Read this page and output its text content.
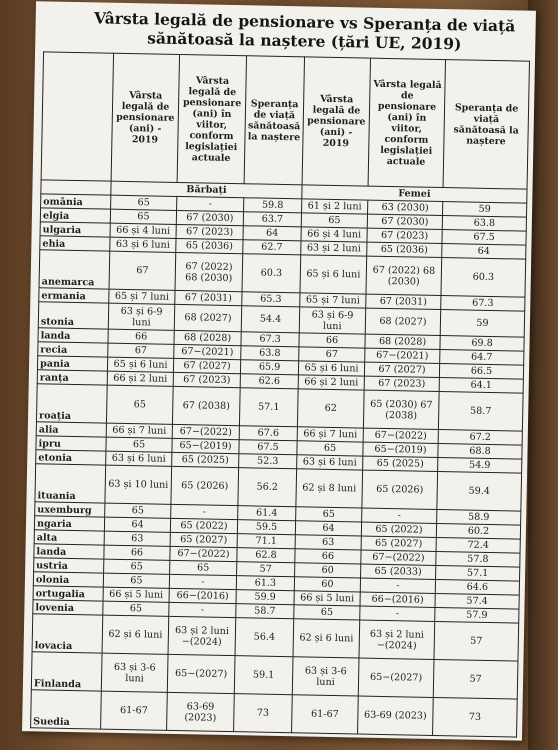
Vârsta legală de pensionare vs Speranța de viață sănătoasă la naștere (țări UE, 2019)
	Vârsta legală de pensionare (ani) - 2019	Vârsta legală de pensionare (ani) în viitor, conform legislației actuale	Speranța de viață sănătoasă la naștere	Vârsta legală de pensionare (ani) - 2019	Vârsta legală de pensionare (ani) în viitor, conform legislației actuale	Speranța de viață sănătoasă la naștere
	Bărbați			Femei		
omânia	65	-	59.8	61 și 2 luni	63 (2030)	59
elgia	65	67 (2030)	63.7	65	67 (2030)	63.8
ulgaria	66 și 4 luni	67 (2023)	64	66 și 4 luni	67 (2023)	67.5
ehia	63 și 6 luni	65 (2036)	62.7	63 și 2 luni	65 (2036)	64
anemarca	67	67 (2022) 68 (2030)	60.3	65 și 6 luni	67 (2022) 68 (2030)	60.3
ermania	65 și 7 luni	67 (2031)	65.3	65 și 7 luni	67 (2031)	67.3
stonia	63 și 6-9 luni	68 (2027)	54.4	63 și 6-9 luni	68 (2027)	59
landa	66	68 (2028)	67.3	66	68 (2028)	69.8
recia	67	67−(2021)	63.8	67	67−(2021)	64.7
pania	65 și 6 luni	67 (2027)	65.9	65 și 6 luni	67 (2027)	66.5
ranța	66 și 2 luni	67 (2023)	62.6	66 și 2 luni	67 (2023)	64.1
roația	65	67 (2038)	57.1	62	65 (2030) 67 (2038)	58.7
alia	66 și 7 luni	67−(2022)	67.6	66 și 7 luni	67−(2022)	67.2
ipru	65	65−(2019)	67.5	65	65−(2019)	68.8
etonia	63 și 6 luni	65 (2025)	52.3	63 și 6 luni	65 (2025)	54.9
ituania	63 și 10 luni	65 (2026)	56.2	62 și 8 luni	65 (2026)	59.4
uxemburg	65	-	61.4	65	-	58.9
ngaria	64	65 (2022)	59.5	64	65 (2022)	60.2
alta	63	65 (2027)	71.1	63	65 (2027)	72.4
landa	66	67−(2022)	62.8	66	67−(2022)	57.8
ustria	65	65	57	60	65 (2033)	57.1
olonia	65	-	61.3	60	-	64.6
ortugalia	66 și 5 luni	66−(2016)	59.9	66 și 5 luni	66−(2016)	57.4
lovenia	65	-	58.7	65	-	57.9
lovacia	62 și 6 luni	63 și 2 luni −(2024)	56.4	62 și 6 luni	63 și 2 luni −(2024)	57
Finlanda	63 și 3-6 luni	65−(2027)	59.1	63 și 3-6 luni	65−(2027)	57
Suedia	61-67	63-69 (2023)	73	61-67	63-69 (2023)	73
